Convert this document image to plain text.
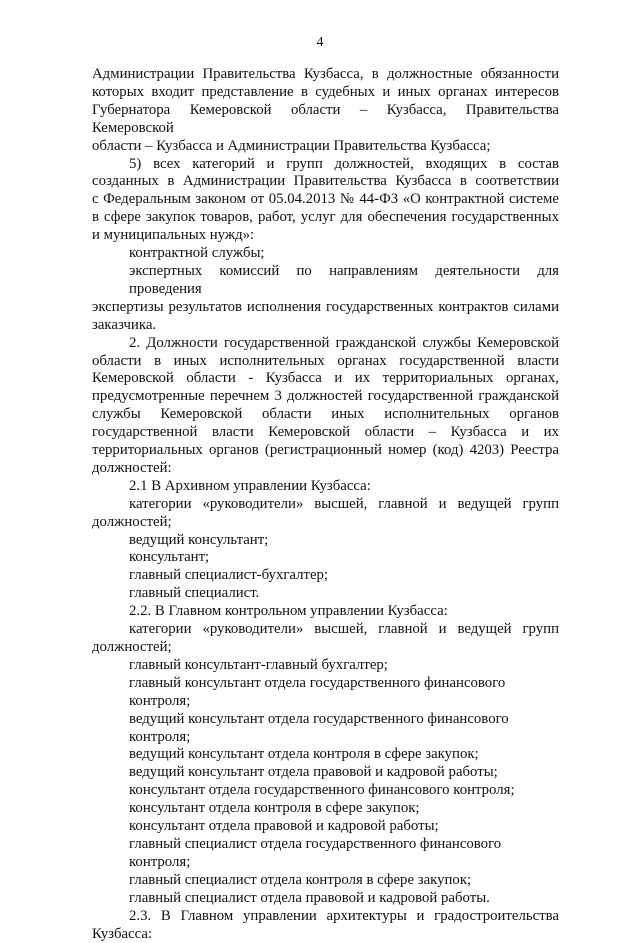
4

Администрации Правительства Кузбасса, в должностные обязанности

которых входит представление в судебных и иных органах интересов

Губернатора Кемеровской области – Кузбасса, Правительства Кемеровской

области – Кузбасса и Администрации Правительства Кузбасса;

5) всех категорий и групп должностей, входящих в состав

созданных в Администрации Правительства Кузбасса в соответствии

с Федеральным законом от 05.04.2013 № 44-ФЗ «О контрактной системе

в сфере закупок товаров, работ, услуг для обеспечения государственных

и муниципальных нужд»:

контрактной службы;

экспертных комиссий по направлениям деятельности для проведения

экспертизы результатов исполнения государственных контрактов силами

заказчика.

2. Должности государственной гражданской службы Кемеровской

области в иных исполнительных органах государственной власти

Кемеровской области - Кузбасса и их территориальных органах,

предусмотренные перечнем 3 должностей государственной гражданской

службы Кемеровской области иных исполнительных органов

государственной власти Кемеровской области – Кузбасса и их

территориальных органов (регистрационный номер (код) 4203) Реестра

должностей:

2.1 В Архивном управлении Кузбасса:

категории «руководители» высшей, главной и ведущей групп

должностей;

ведущий консультант;

консультант;

главный специалист-бухгалтер;

главный специалист.

2.2. В Главном контрольном управлении Кузбасса:

категории «руководители» высшей, главной и ведущей групп

должностей;

главный консультант-главный бухгалтер;

главный консультант отдела государственного финансового контроля;

ведущий консультант отдела государственного финансового контроля;

ведущий консультант отдела контроля в сфере закупок;

ведущий консультант отдела правовой и кадровой работы;

консультант отдела государственного финансового контроля;

консультант отдела контроля в сфере закупок;

консультант отдела правовой и кадровой работы;

главный специалист отдела государственного финансового контроля;

главный специалист отдела контроля в сфере закупок;

главный специалист отдела правовой и кадровой работы.

2.3. В Главном управлении архитектуры и градостроительства

Кузбасса:
